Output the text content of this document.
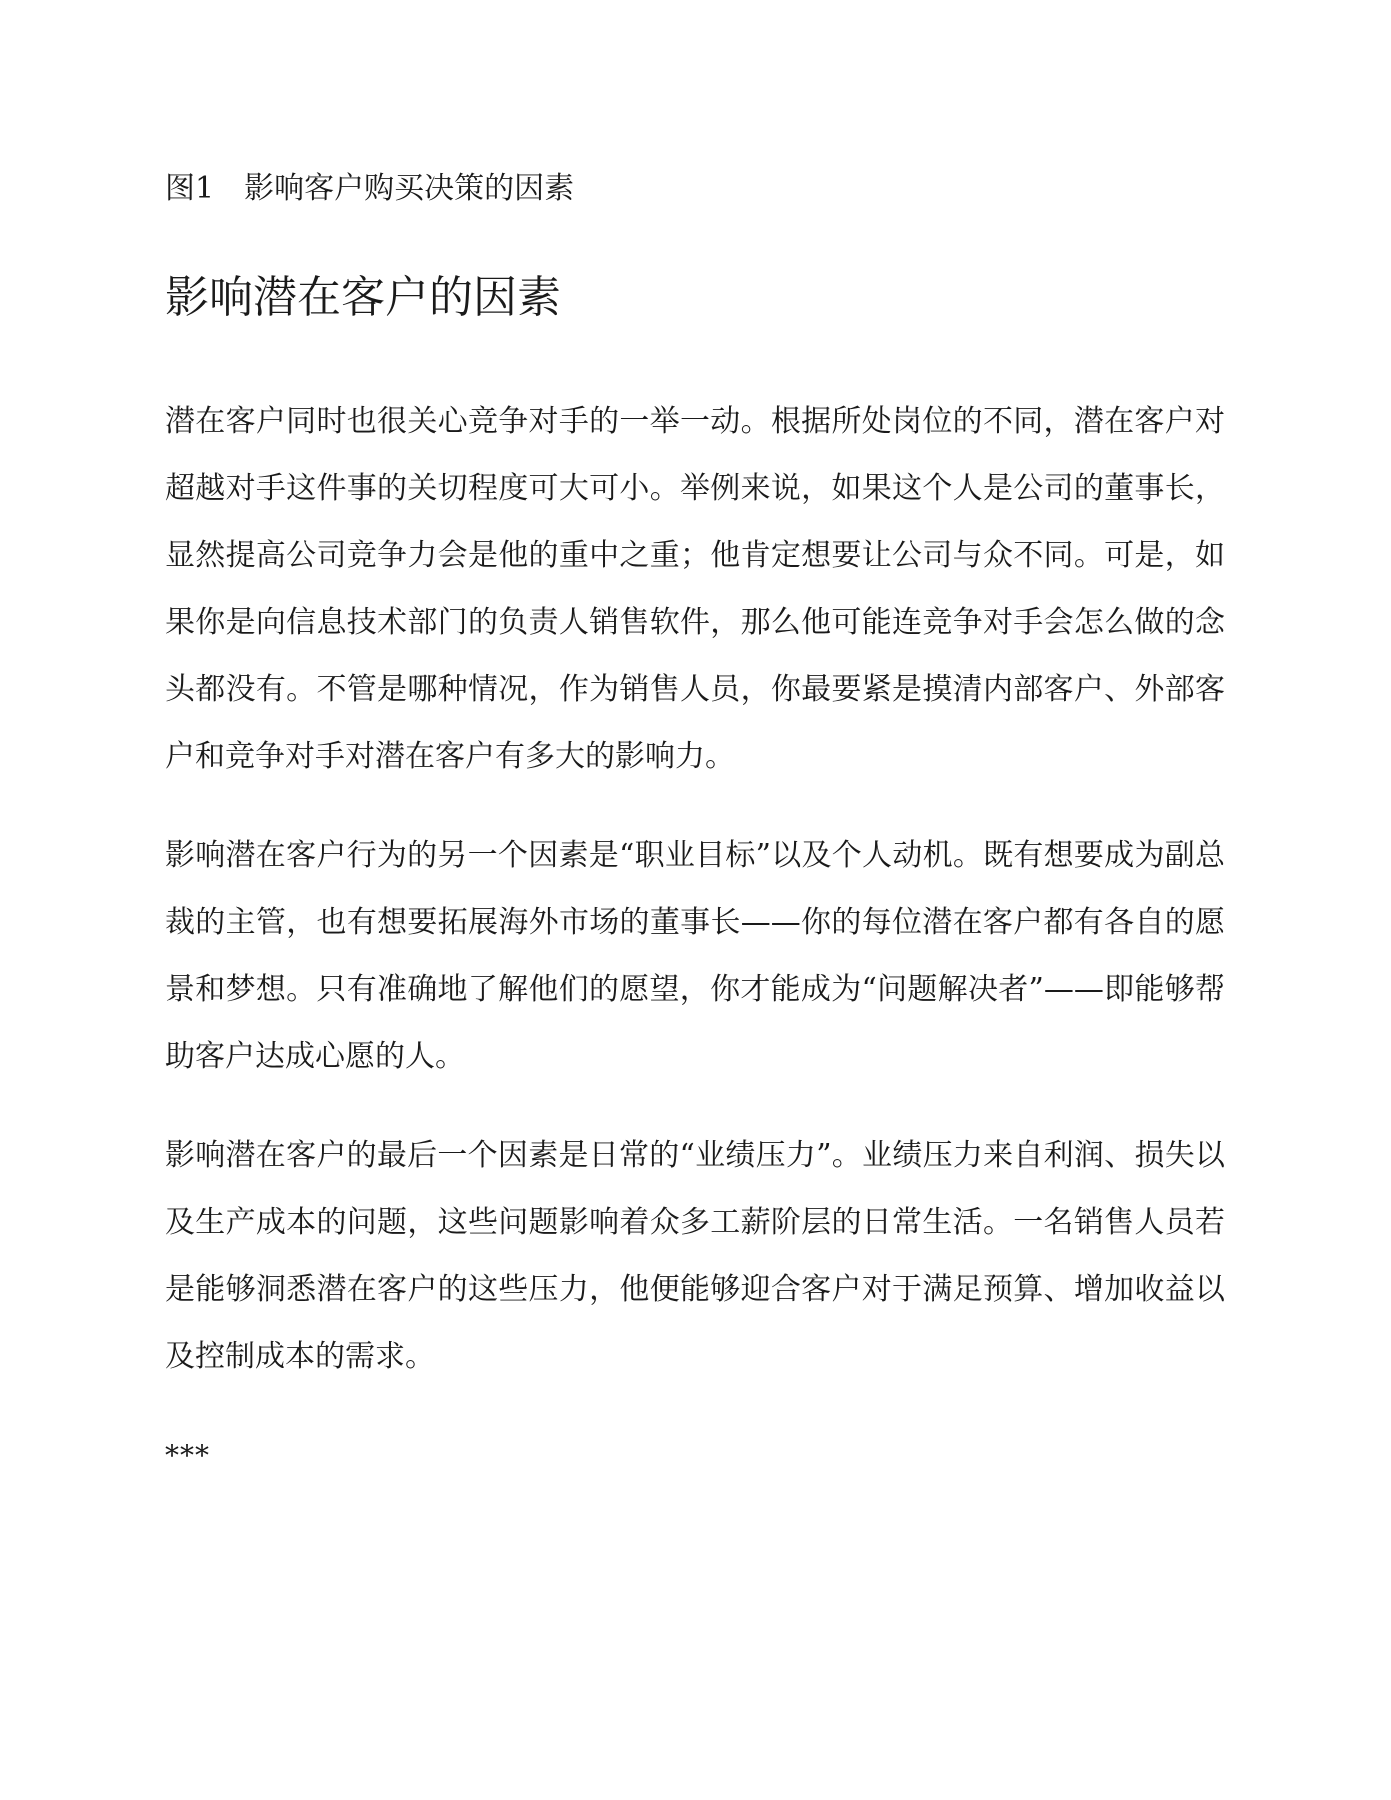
图1　影响客户购买决策的因素

影响潜在客户的因素

潜在客户同时也很关心竞争对手的一举一动。根据所处岗位的不同，潜在客户对超越对手这件事的关切程度可大可小。举例来说，如果这个人是公司的董事长，显然提高公司竞争力会是他的重中之重；他肯定想要让公司与众不同。可是，如果你是向信息技术部门的负责人销售软件，那么他可能连竞争对手会怎么做的念头都没有。不管是哪种情况，作为销售人员，你最要紧是摸清内部客户、外部客户和竞争对手对潜在客户有多大的影响力。

影响潜在客户行为的另一个因素是“职业目标”以及个人动机。既有想要成为副总裁的主管，也有想要拓展海外市场的董事长——你的每位潜在客户都有各自的愿景和梦想。只有准确地了解他们的愿望，你才能成为“问题解决者”——即能够帮助客户达成心愿的人。

影响潜在客户的最后一个因素是日常的“业绩压力”。业绩压力来自利润、损失以及生产成本的问题，这些问题影响着众多工薪阶层的日常生活。一名销售人员若是能够洞悉潜在客户的这些压力，他便能够迎合客户对于满足预算、增加收益以及控制成本的需求。

***
